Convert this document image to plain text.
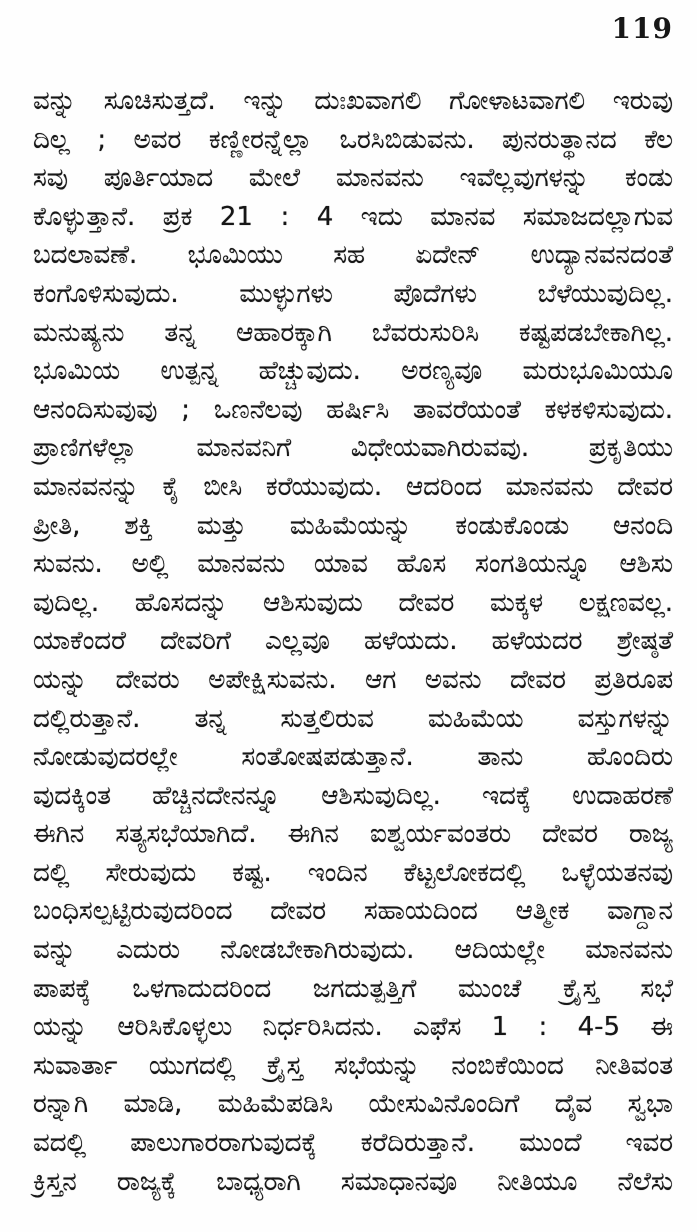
119
ವನ್ನು ಸೂಚಿಸುತ್ತದೆ. ಇನ್ನು ದುಃಖವಾಗಲಿ ಗೋಳಾಟವಾಗಲಿ ಇರುವು
ದಿಲ್ಲ ; ಅವರ ಕಣ್ಣೀರನ್ನೆಲ್ಲಾ ಒರಸಿಬಿಡುವನು. ಪುನರುತ್ಥಾನದ ಕೆಲ
ಸವು ಪೂರ್ತಿಯಾದ ಮೇಲೆ ಮಾನವನು ಇವೆಲ್ಲವುಗಳನ್ನು ಕಂಡು
ಕೊಳ್ಳುತ್ತಾನೆ. ಪ್ರಕ 21 : 4 ಇದು ಮಾನವ ಸಮಾಜದಲ್ಲಾಗುವ
ಬದಲಾವಣೆ. ಭೂಮಿಯು ಸಹ ಏದೇನ್ ಉದ್ಯಾನವನದಂತೆ
ಕಂಗೊಳಿಸುವುದು. ಮುಳ್ಳುಗಳು ಪೊದೆಗಳು ಬೆಳೆಯುವುದಿಲ್ಲ.
ಮನುಷ್ಯನು ತನ್ನ ಆಹಾರಕ್ಕಾಗಿ ಬೆವರುಸುರಿಸಿ ಕಷ್ಟಪಡಬೇಕಾಗಿಲ್ಲ.
ಭೂಮಿಯ ಉತ್ಪನ್ನ ಹೆಚ್ಚುವುದು. ಅರಣ್ಯವೂ ಮರುಭೂಮಿಯೂ
ಆನಂದಿಸುವುವು ; ಒಣನೆಲವು ಹರ್ಷಿಸಿ ತಾವರೆಯಂತೆ ಕಳಕಳಿಸುವುದು.
ಪ್ರಾಣಿಗಳೆಲ್ಲಾ ಮಾನವನಿಗೆ ವಿಧೇಯವಾಗಿರುವವು. ಪ್ರಕೃತಿಯು
ಮಾನವನನ್ನು ಕೈ ಬೀಸಿ ಕರೆಯುವುದು. ಆದರಿಂದ ಮಾನವನು ದೇವರ
ಪ್ರೀತಿ, ಶಕ್ತಿ ಮತ್ತು ಮಹಿಮೆಯನ್ನು ಕಂಡುಕೊಂಡು ಆನಂದಿ
ಸುವನು. ಅಲ್ಲಿ ಮಾನವನು ಯಾವ ಹೊಸ ಸಂಗತಿಯನ್ನೂ ಆಶಿಸು
ವುದಿಲ್ಲ. ಹೊಸದನ್ನು ಆಶಿಸುವುದು ದೇವರ ಮಕ್ಕಳ ಲಕ್ಷಣವಲ್ಲ.
ಯಾಕೆಂದರೆ ದೇವರಿಗೆ ಎಲ್ಲವೂ ಹಳೆಯದು. ಹಳೆಯದರ ಶ್ರೇಷ್ಠತೆ
ಯನ್ನು ದೇವರು ಅಪೇಕ್ಷಿಸುವನು. ಆಗ ಅವನು ದೇವರ ಪ್ರತಿರೂಪ
ದಲ್ಲಿರುತ್ತಾನೆ. ತನ್ನ ಸುತ್ತಲಿರುವ ಮಹಿಮೆಯ ವಸ್ತುಗಳನ್ನು
ನೋಡುವುದರಲ್ಲೇ ಸಂತೋಷಪಡುತ್ತಾನೆ. ತಾನು ಹೊಂದಿರು
ವುದಕ್ಕಿಂತ ಹೆಚ್ಚಿನದೇನನ್ನೂ ಆಶಿಸುವುದಿಲ್ಲ. ಇದಕ್ಕೆ ಉದಾಹರಣೆ
ಈಗಿನ ಸತ್ಯಸಭೆಯಾಗಿದೆ. ಈಗಿನ ಐಶ್ವರ್ಯವಂತರು ದೇವರ ರಾಜ್ಯ
ದಲ್ಲಿ ಸೇರುವುದು ಕಷ್ಟ. ಇಂದಿನ ಕೆಟ್ಟಲೋಕದಲ್ಲಿ ಒಳ್ಳೆಯತನವು
ಬಂಧಿಸಲ್ಪಟ್ಟಿರುವುದರಿಂದ ದೇವರ ಸಹಾಯದಿಂದ ಆತ್ಮೀಕ ವಾಗ್ದಾನ
ವನ್ನು ಎದುರು ನೋಡಬೇಕಾಗಿರುವುದು. ಆದಿಯಲ್ಲೇ ಮಾನವನು
ಪಾಪಕ್ಕೆ ಒಳಗಾದುದರಿಂದ ಜಗದುತ್ಪತ್ತಿಗೆ ಮುಂಚೆ ಕ್ರೈಸ್ತ ಸಭೆ
ಯನ್ನು ಆರಿಸಿಕೊಳ್ಳಲು ನಿರ್ಧರಿಸಿದನು. ಎಫೆಸ 1 : 4-5 ಈ
ಸುವಾರ್ತಾ ಯುಗದಲ್ಲಿ ಕ್ರೈಸ್ತ ಸಭೆಯನ್ನು ನಂಬಿಕೆಯಿಂದ ನೀತಿವಂತ
ರನ್ನಾಗಿ ಮಾಡಿ, ಮಹಿಮೆಪಡಿಸಿ ಯೇಸುವಿನೊಂದಿಗೆ ದೈವ ಸ್ವಭಾ
ವದಲ್ಲಿ ಪಾಲುಗಾರರಾಗುವುದಕ್ಕೆ ಕರೆದಿರುತ್ತಾನೆ. ಮುಂದೆ ಇವರ
ಕ್ರಿಸ್ತನ ರಾಜ್ಯಕ್ಕೆ ಬಾಧ್ಯರಾಗಿ ಸಮಾಧಾನವೂ ನೀತಿಯೂ ನೆಲೆಸು
